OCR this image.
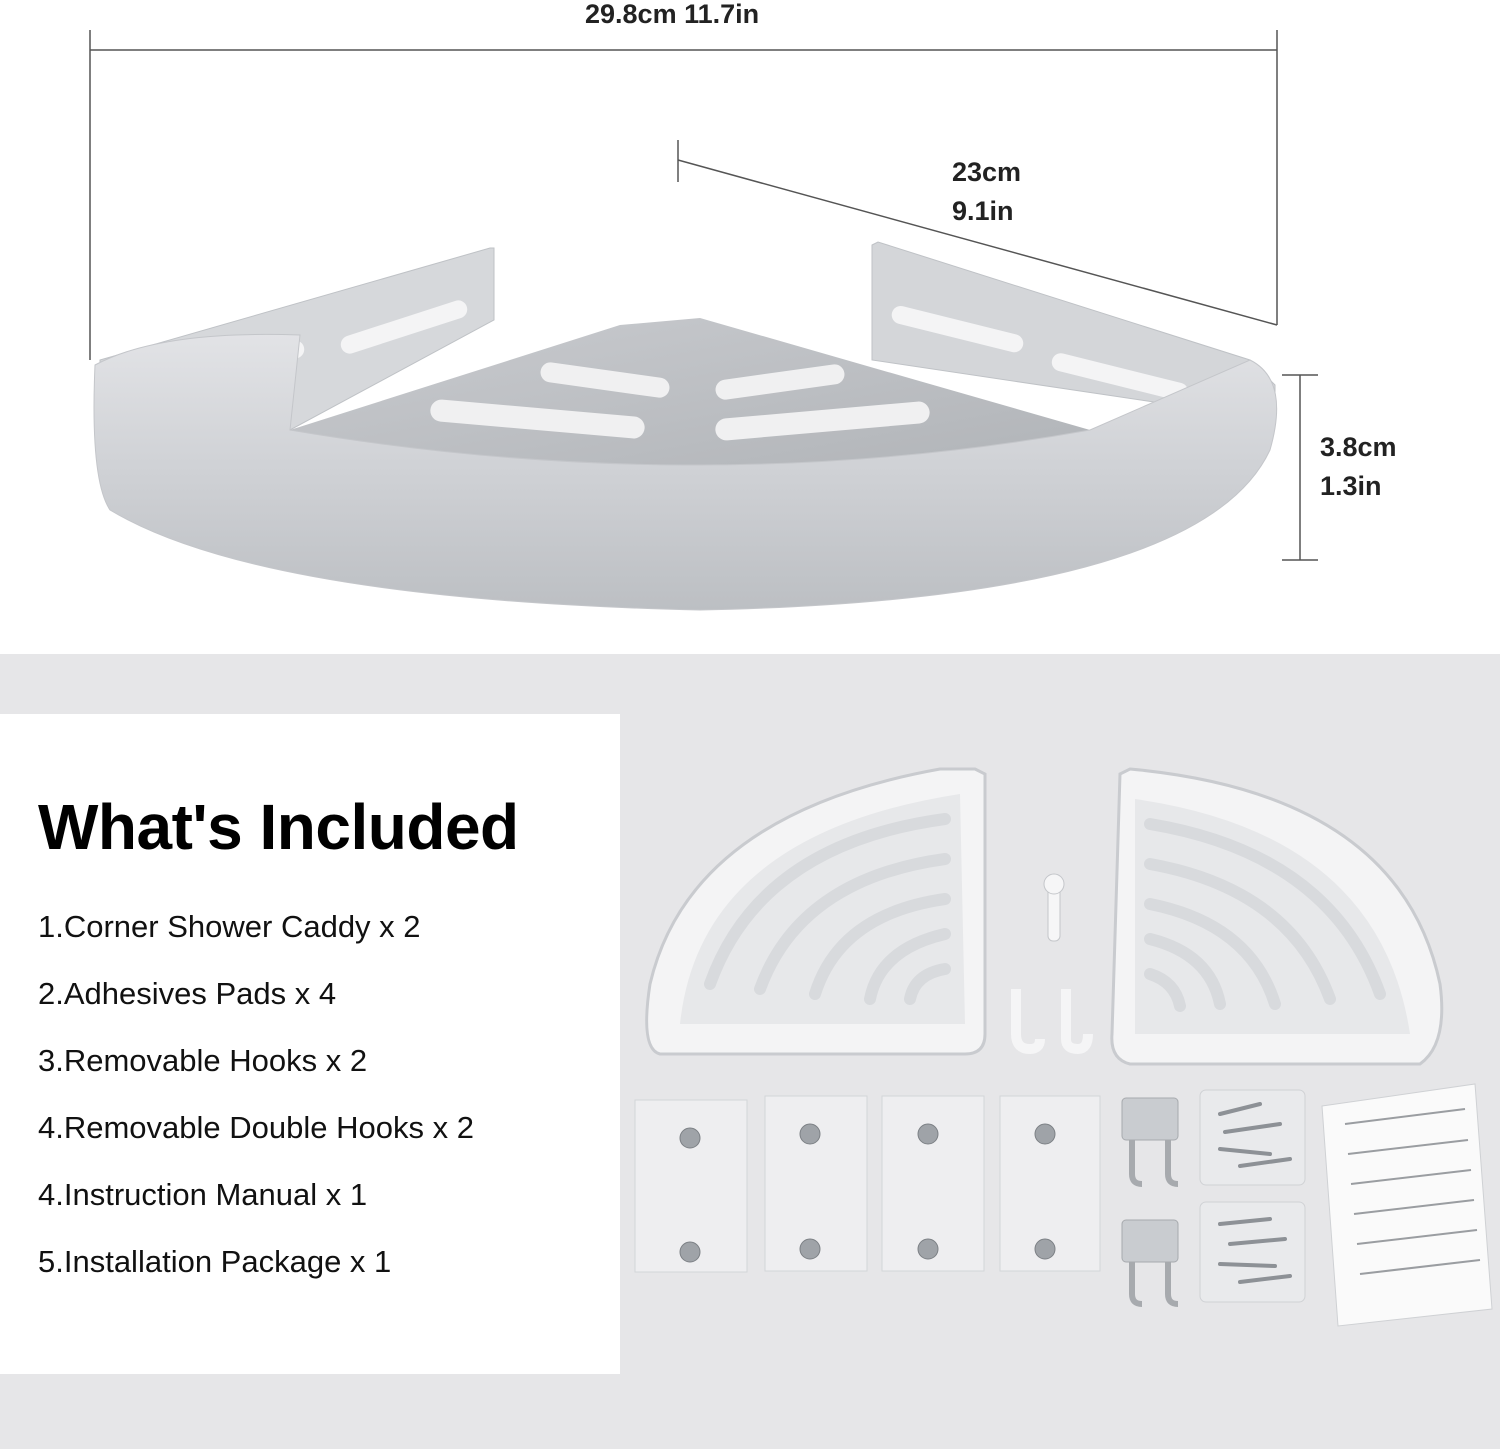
29.8cm 11.7in
23cm
9.1in
3.8cm
1.3in
What's Included
1.Corner Shower Caddy x 2
2.Adhesives Pads x 4
3.Removable Hooks x 2
4.Removable Double Hooks x 2
4.Instruction Manual x 1
5.Installation Package x 1
